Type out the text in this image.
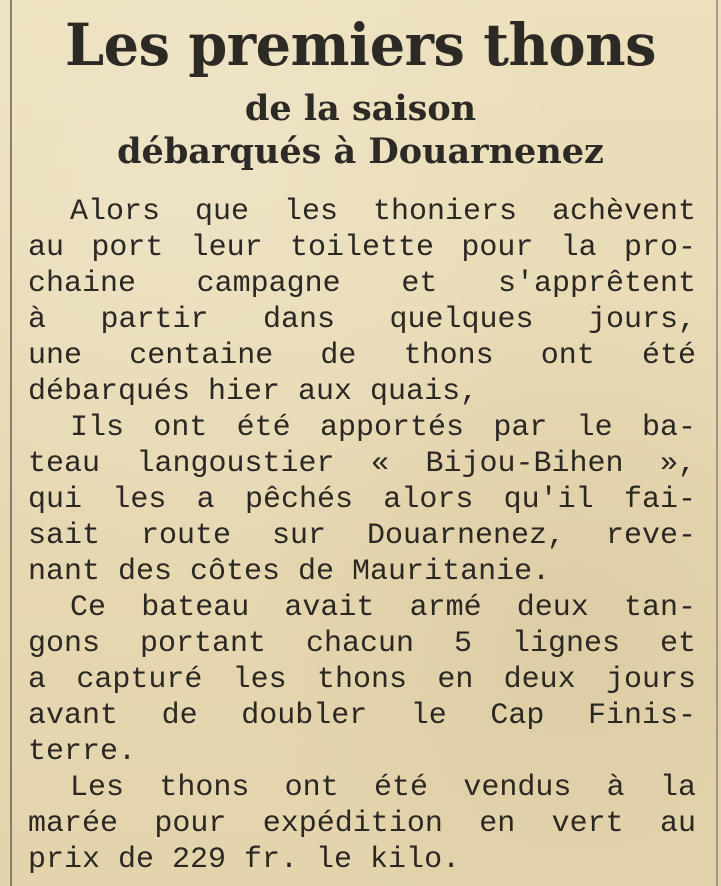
Les premiers thons
de la saison
débarqués à Douarnenez
Alors que les thoniers achèvent
au port leur toilette pour la pro-
chaine campagne et s'apprêtent
à partir dans quelques jours,
une centaine de thons ont été
débarqués hier aux quais,
Ils ont été apportés par le ba-
teau langoustier « Bijou-Bihen »,
qui les a pêchés alors qu'il fai-
sait route sur Douarnenez, reve-
nant des côtes de Mauritanie.
Ce bateau avait armé deux tan-
gons portant chacun 5 lignes et
a capturé les thons en deux jours
avant de doubler le Cap Finis-
terre.
Les thons ont été vendus à la
marée pour expédition en vert au
prix de 229 fr. le kilo.
